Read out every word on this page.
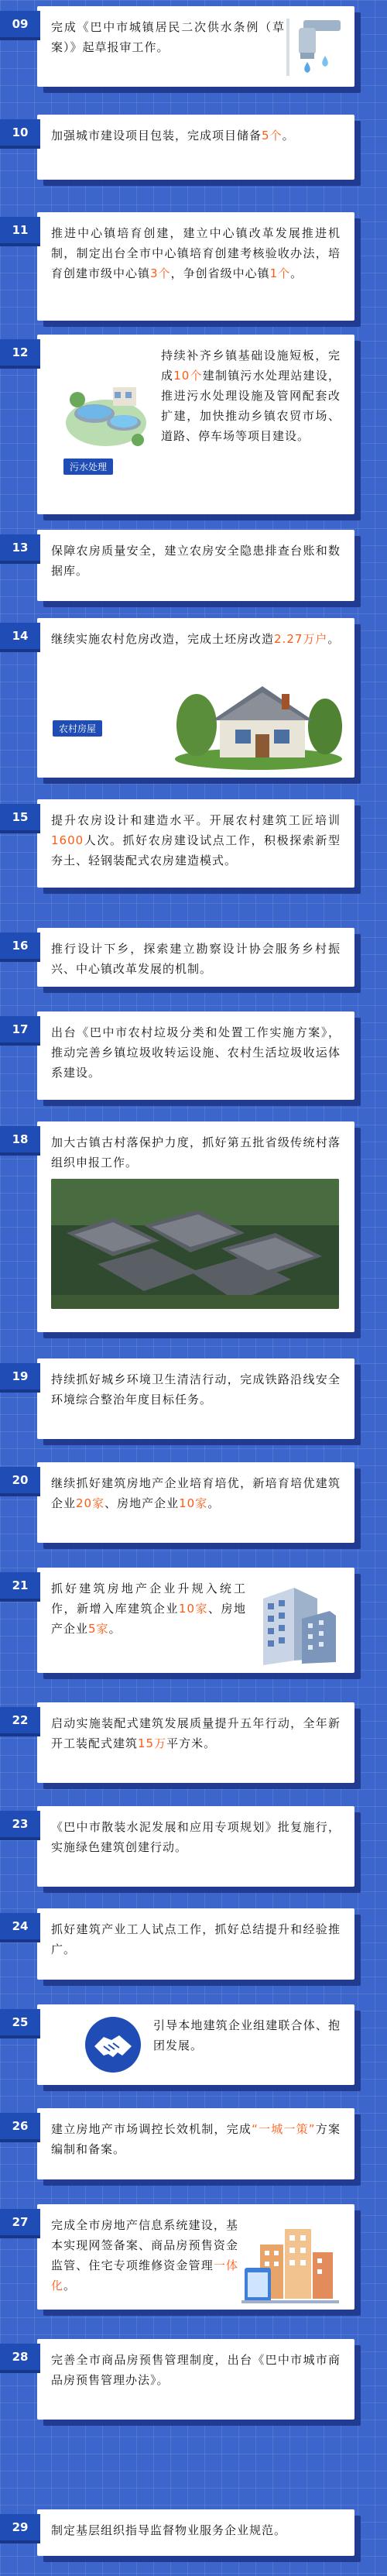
完成《巴中市城镇居民二次供水条例（草案）》起草报审工作。
09
加强城市建设项目包装，完成项目储备5个。
10
推进中心镇培育创建，建立中心镇改革发展推进机制，制定出台全市中心镇培育创建考核验收办法，培育创建市级中心镇3个，争创省级中心镇1个。
11
污水处理
持续补齐乡镇基础设施短板，完成10个建制镇污水处理站建设，推进污水处理设施及管网配套改扩建，加快推动乡镇农贸市场、道路、停车场等项目建设。
12
保障农房质量安全，建立农房安全隐患排查台账和数据库。
13
继续实施农村危房改造，完成土坯房改造2.27万户。
农村房屋
14
提升农房设计和建造水平。开展农村建筑工匠培训1600人次。抓好农房建设试点工作，积极探索新型夯土、轻钢装配式农房建造模式。
15
推行设计下乡，探索建立勘察设计协会服务乡村振兴、中心镇改革发展的机制。
16
出台《巴中市农村垃圾分类和处置工作实施方案》，推动完善乡镇垃圾收转运设施、农村生活垃圾收运体系建设。
17
加大古镇古村落保护力度，抓好第五批省级传统村落组织申报工作。
18
持续抓好城乡环境卫生清洁行动，完成铁路沿线安全环境综合整治年度目标任务。
19
继续抓好建筑房地产企业培育培优，新培育培优建筑企业20家、房地产企业10家。
20
抓好建筑房地产企业升规入统工作，新增入库建筑企业10家、房地产企业5家。
21
启动实施装配式建筑发展质量提升五年行动，全年新开工装配式建筑15万平方米。
22
《巴中市散装水泥发展和应用专项规划》批复施行，实施绿色建筑创建行动。
23
抓好建筑产业工人试点工作，抓好总结提升和经验推广。
24
引导本地建筑企业组建联合体、抱团发展。
25
建立房地产市场调控长效机制，完成“一城一策”方案编制和备案。
26
完成全市房地产信息系统建设，基本实现网签备案、商品房预售资金监管、住宅专项维修资金管理一体化。
27
完善全市商品房预售管理制度，出台《巴中市城市商品房预售管理办法》。
28
制定基层组织指导监督物业服务企业规范。
29
